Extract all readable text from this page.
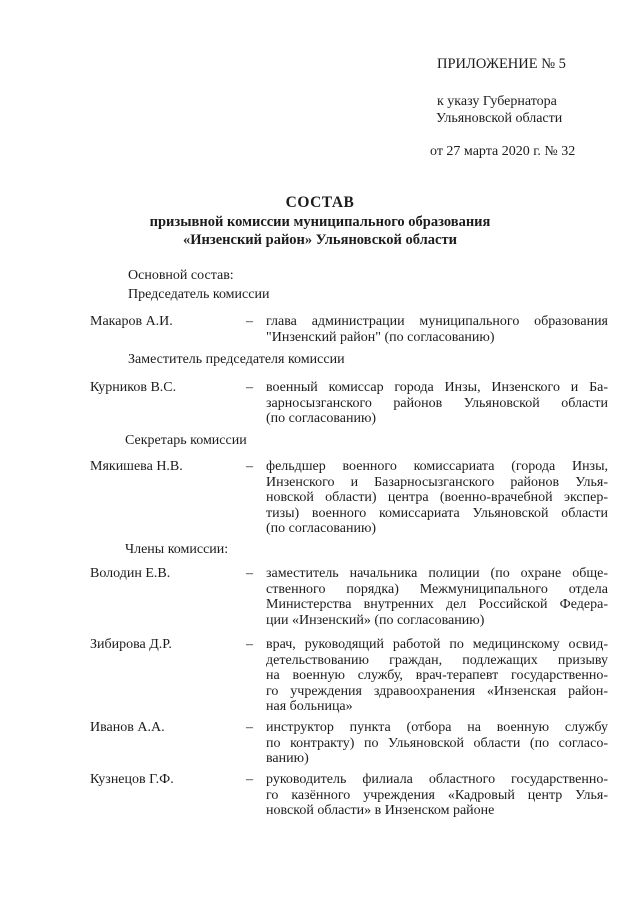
ПРИЛОЖЕНИЕ № 5
к указу Губернатора
Ульяновской области
от 27 марта 2020 г. № 32
СОСТАВ
призывной комиссии муниципального образования
«Инзенский район» Ульяновской области
Основной состав:
Председатель комиссии
Макаров А.И.	– глава администрации муниципального образования
"Инзенский район" (по согласованию)
Заместитель председателя комиссии
Курников В.С.	– военный комиссар города Инзы, Инзенского и Ба-
зарносызганского районов Ульяновской области
(по согласованию)
Секретарь комиссии
Мякишева Н.В.	– фельдшер военного комиссариата (города Инзы,
Инзенского и Базарносызганского районов Улья-
новской области) центра (военно-врачебной экспер-
тизы) военного комиссариата Ульяновской области
(по согласованию)
Члены комиссии:
Володин Е.В.	– заместитель начальника полиции (по охране обще-
ственного порядка) Межмуниципального отдела
Министерства внутренних дел Российской Федера-
ции «Инзенский» (по согласованию)
Зибирова Д.Р.	– врач, руководящий работой по медицинскому освид-
детельствованию граждан, подлежащих призыву
на военную службу, врач-терапевт государственно-
го учреждения здравоохранения «Инзенская район-
ная больница»
Иванов А.А.	– инструктор пункта (отбора на военную службу
по контракту) по Ульяновской области (по согласо-
ванию)
Кузнецов Г.Ф.	– руководитель филиала областного государственно-
го казённого учреждения «Кадровый центр Улья-
новской области» в Инзенском районе
